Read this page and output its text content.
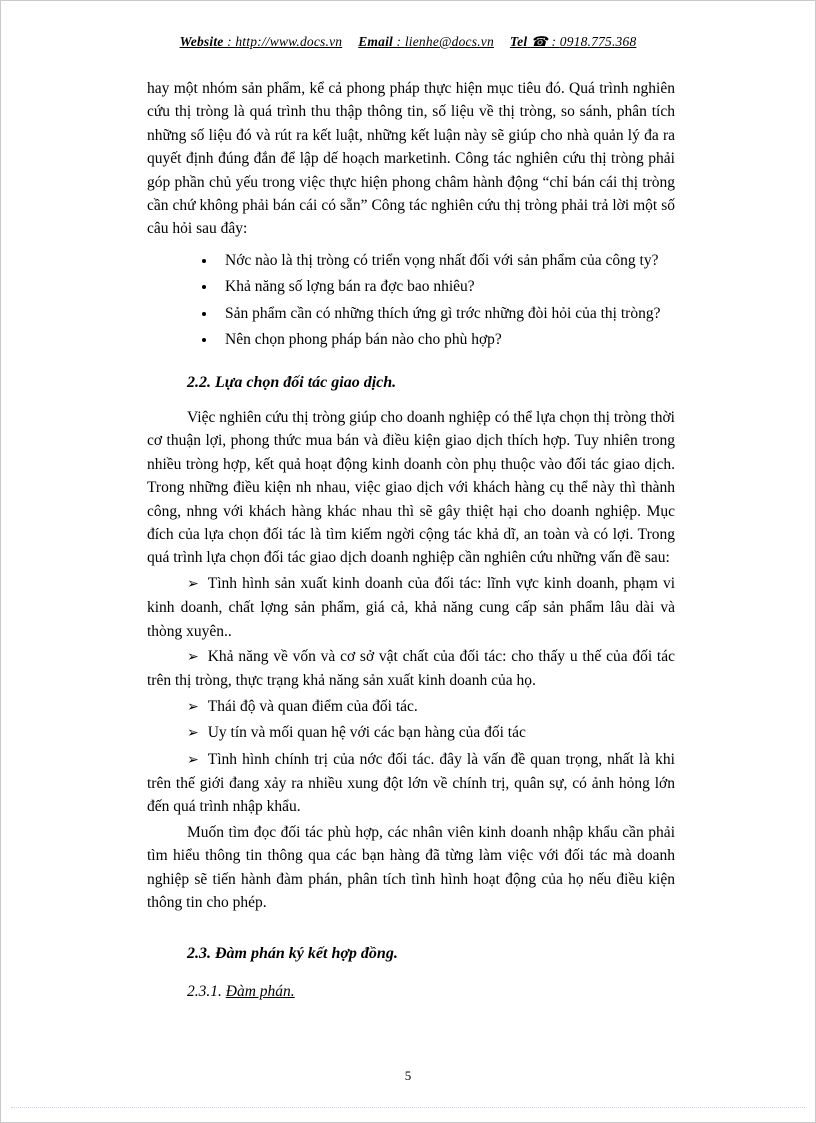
Website : http://www.docs.vn Email : lienhe@docs.vn Tel ☎ : 0918.775.368

hay một nhóm sản phẩm, kể cả phong pháp thực hiện mục tiêu đó. Quá trình nghiên cứu thị tròng là quá trình thu thập thông tin, số liệu về thị tròng, so sánh, phân tích những số liệu đó và rút ra kết luật, những kết luận này sẽ giúp cho nhà quản lý đa ra quyết định đúng đắn để lập dế hoạch marketinh. Công tác nghiên cứu thị tròng phải góp phần chủ yếu trong việc thực hiện phong châm hành động “chỉ bán cái thị tròng cần chứ không phải bán cái có sẵn” Công tác nghiên cứu thị tròng phải trả lời một số câu hỏi sau đây:

• Nớc nào là thị tròng có triển vọng nhất đối với sản phẩm của công ty?
• Khả năng số lợng bán ra đợc bao nhiêu?
• Sản phẩm cần có những thích ứng gì trớc những đòi hỏi của thị tròng?
• Nên chọn phong pháp bán nào cho phù hợp?
2.2. Lựa chọn đối tác giao dịch.

Việc nghiên cứu thị tròng giúp cho doanh nghiệp có thể lựa chọn thị tròng thời cơ thuận lợi, phong thức mua bán và điều kiện giao dịch thích hợp. Tuy nhiên trong nhiều tròng hợp, kết quả hoạt động kinh doanh còn phụ thuộc vào đối tác giao dịch. Trong những điều kiện nh nhau, việc giao dịch với khách hàng cụ thể này thì thành công, nhng với khách hàng khác nhau thì sẽ gây thiệt hại cho doanh nghiệp. Mục đích của lựa chọn đối tác là tìm kiếm ngời cộng tác khả dĩ, an toàn và có lợi. Trong quá trình lựa chọn đối tác giao dịch doanh nghiệp cần nghiên cứu những vấn đề sau:

➢ Tình hình sản xuất kinh doanh của đối tác: lĩnh vực kinh doanh, phạm vi kinh doanh, chất lợng sản phẩm, giá cả, khả năng cung cấp sản phẩm lâu dài và thòng xuyên..

➢ Khả năng về vốn và cơ sở vật chất của đối tác: cho thấy u thế của đối tác trên thị tròng, thực trạng khả năng sản xuất kinh doanh của họ.

➢ Thái độ và quan điểm của đối tác.

➢ Uy tín và mối quan hệ với các bạn hàng của đối tác

➢ Tình hình chính trị của nớc đối tác. đây là vấn đề quan trọng, nhất là khi trên thế giới đang xảy ra nhiều xung đột lớn về chính trị, quân sự, có ảnh hỏng lớn đến quá trình nhập khẩu.

Muốn tìm đọc đối tác phù hợp, các nhân viên kinh doanh nhập khẩu cần phải tìm hiểu thông tin thông qua các bạn hàng đã từng làm việc với đối tác mà doanh nghiệp sẽ tiến hành đàm phán, phân tích tình hình hoạt động của họ nếu điều kiện thông tin cho phép.

2.3. Đàm phán ký kết hợp đồng.

2.3.1. Đàm phán.

5
